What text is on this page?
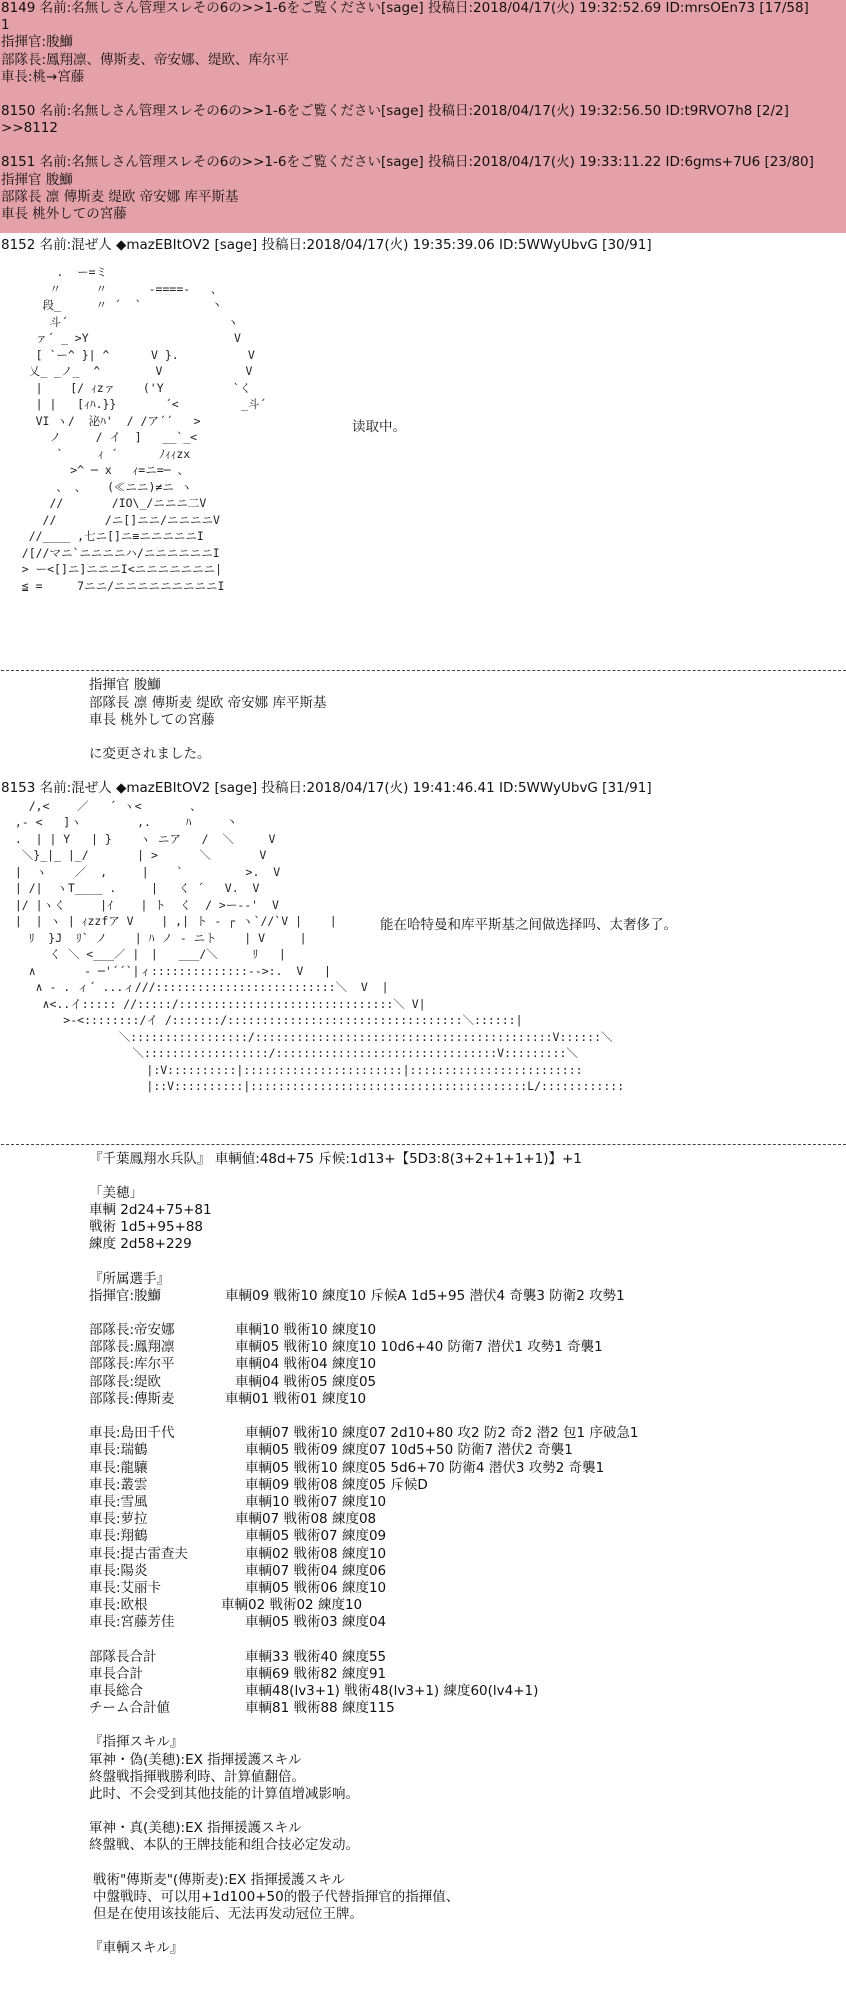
8149 名前:名無しさん管理スレその6の>>1-6をご覧ください[sage] 投稿日:2018/04/17(火) 19:32:52.69 ID:mrsOEn73 [17/58]
1
指揮官:朘鰤
部隊長:鳳翔凛、傳斯麦、帝安娜、缇欧、库尔平
車長:桃→宮藤
8150 名前:名無しさん管理スレその6の>>1-6をご覧ください[sage] 投稿日:2018/04/17(火) 19:32:56.50 ID:t9RVO7h8 [2/2]
>>8112
8151 名前:名無しさん管理スレその6の>>1-6をご覧ください[sage] 投稿日:2018/04/17(火) 19:33:11.22 ID:6gms+7U6 [23/80]
指揮官 朘鰤
部隊長 凛 傳斯麦 缇欧 帝安娜 库平斯基
車長 桃外しての宮藤
8152 名前:混ぜ人 ◆mazEBItOV2 [sage] 投稿日:2018/04/17(火) 19:35:39.06 ID:5WWyUbvG [30/91]
.  ー=ミ
〃     〃      -====-   、
段_     〃 ´  `          丶
斗´                       ヽ
ァ´ _ >Y                     V
[ `ー^ }| ^      V }.          V
乂_ _ノ_  ^        V            V
|    [/ ｨzァ    ('Y          `く
| |   [ｨﾊ.}}       ´<         _斗´
VI ヽ/  泌ﾊ'  / /ア´´   >
ノ     / イ  ]   __`_<
`     ｨ ´      ﾉｨｨzx
>^ ─ x   ｨ=ニ=─ 、
、 、   (≪ニニ)≠ニ ヽ
//       /IO\_/ニニニ二V
//       /ニ[]ニニ/ニニニニV
//____ ,七ニ[]ニ≡ニニニニニI
/[//マニ`ニニニニハ/ニニニニニニI
> ー<[]ニ]ニニニI<ニニニニニニニ|
≦ =     7ニニ/ニニニニニニニニニI
读取中。
指揮官 朘鰤
部隊長 凛 傳斯麦 缇欧 帝安娜 库平斯基
車長 桃外しての宮藤

に変更されました。
8153 名前:混ぜ人 ◆mazEBItOV2 [sage] 投稿日:2018/04/17(火) 19:41:46.41 ID:5WWyUbvG [31/91]
/,<    ／   ´ ヽ<       、
,- <   ]ヽ        ,.     ﾊ     丶
.  | | Y   | }    ヽ ニア   /  ＼     V
＼}_|_ |_/       | >      ＼       V
|  ヽ    ／  ,     |    `         >.  V
| /|  ヽT____ .     |   く ´   V.  V
|/ |ヽく     |ｲ    | ト  く  / >ー--'  V
|  | ヽ | ｨzzfア V    | ,| ト - ┌ ヽ`//`V |    |
ﾘ  }J  ﾘ` ノ    | ﾊ ノ - ニト    | V     |
く ＼ <___／ |　|   ___/＼     ﾘ   |
∧       ‐ ─'´´`|ィ::::::::::::::-->:.  V   |
∧ ‐ . ィ´ ...ィ///::::::::::::::::::::::::::＼  V  |
∧<..イ::::: //:::::/:::::::::::::::::::::::::::::::＼ V|
>-<::::::::/イ /:::::::/::::::::::::::::::::::::::::::::::＼::::::|
＼:::::::::::::::::/:::::::::::::::::::::::::::::::::::::::::::V::::::＼
＼::::::::::::::::::/::::::::::::::::::::::::::::::::V:::::::::＼
|:V::::::::::|:::::::::::::::::::::::|:::::::::::::::::::::::::
|::V::::::::::|::::::::::::::::::::::::::::::::::::::::L/::::::::::::
能在哈特曼和库平斯基之间做选择吗、太奢侈了。
『千葉鳳翔水兵队』 車輌値:48d+75 斥候:1d13+【5D3:8(3+2+1+1+1)】+1
「美穂」
車輌 2d24+75+81
戦術 1d5+95+88
練度 2d58+229
『所属選手』
指揮官:朘鰤	車輌09 戦術10 練度10 斥候A 1d5+95 潜伏4 奇襲3 防衛2 攻勢1
部隊長:帝安娜	車輌10 戦術10 練度10
部隊長:鳳翔凛	車輌05 戦術10 練度10 10d6+40 防衛7 潜伏1 攻勢1 奇襲1
部隊長:库尔平	車輌04 戦術04 練度10
部隊長:缇欧	車輌04 戦術05 練度05
部隊長:傳斯麦	車輌01 戦術01 練度10
車長:島田千代	車輌07 戦術10 練度07 2d10+80 攻2 防2 奇2 潜2 包1 序破急1
車長:瑞鶴	車輌05 戦術09 練度07 10d5+50 防衛7 潜伏2 奇襲1
車長:龍驤	車輌05 戦術10 練度05 5d6+70 防衛4 潜伏3 攻勢2 奇襲1
車長:叢雲	車輌09 戦術08 練度05 斥候D
車長:雪風	車輌10 戦術07 練度10
車長:萝拉	車輌07 戦術08 練度08
車長:翔鶴	車輌05 戦術07 練度09
車長:提古雷查夫	車輌02 戦術08 練度10
車長:陽炎	車輌07 戦術04 練度06
車長:艾丽卡	車輌05 戦術06 練度10
車長:欧根	車輌02 戦術02 練度10
車長:宮藤芳佳	車輌05 戦術03 練度04
部隊長合計	車輌33 戦術40 練度55
車長合計	車輌69 戦術82 練度91
車長総合	車輌48(lv3+1) 戦術48(lv3+1) 練度60(lv4+1)
チーム合計値	車輌81 戦術88 練度115
『指揮スキル』
軍神・偽(美穂):EX 指揮援護スキル
終盤戦指揮戦勝利時、計算値翻倍。
此时、不会受到其他技能的计算值增减影响。
軍神・真(美穂):EX 指揮援護スキル
終盤戦、本队的王牌技能和组合技必定发动。
戦術"傳斯麦"(傳斯麦):EX 指揮援護スキル
中盤戦時、可以用+1d100+50的骰子代替指揮官的指揮值、
但是在使用该技能后、无法再发动冠位王牌。
『車輌スキル』
